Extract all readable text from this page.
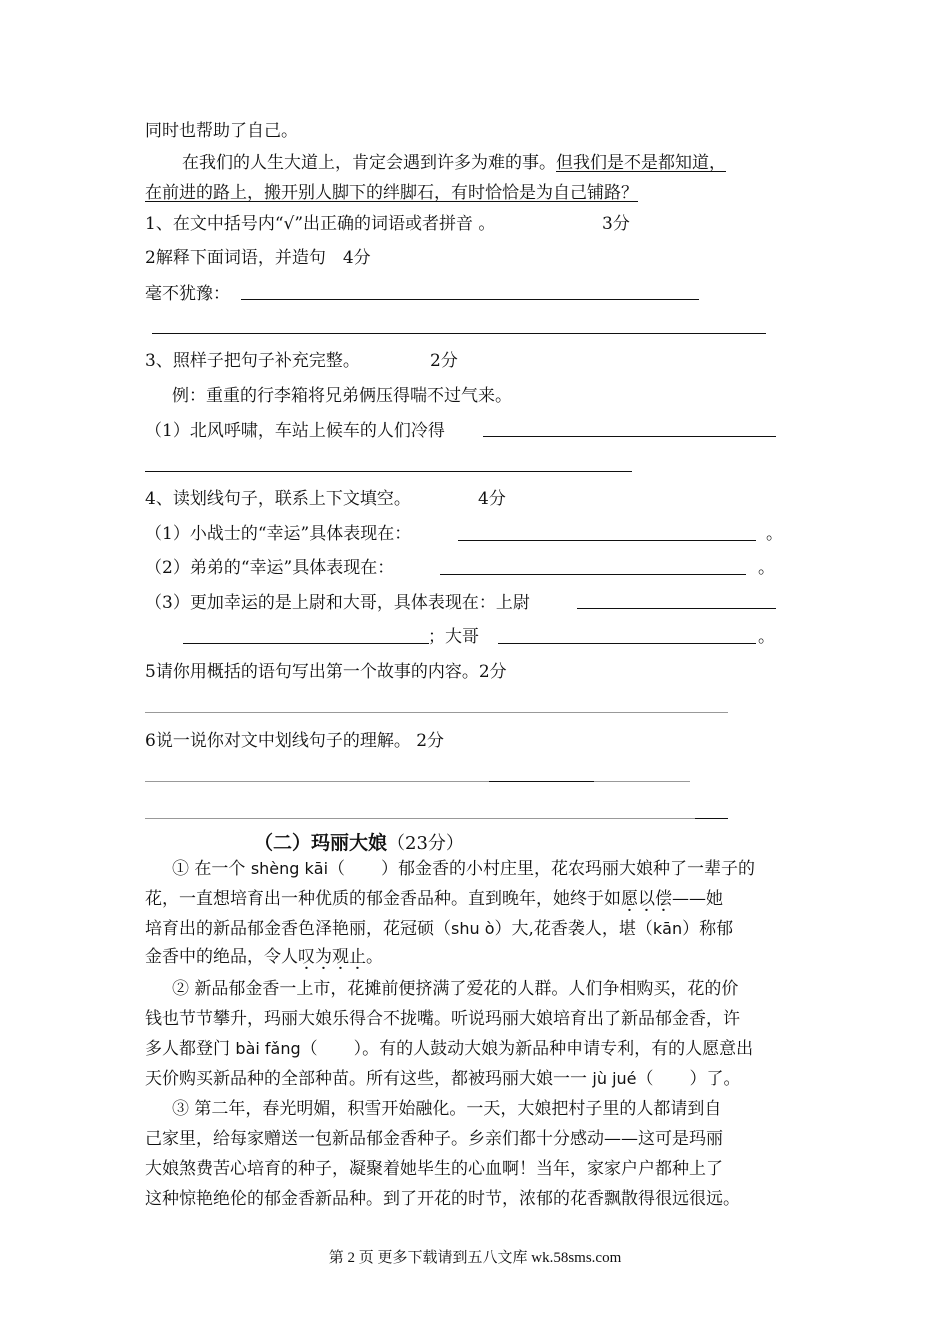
同时也帮助了自己。
在我们的人生大道上，肯定会遇到许多为难的事。但我们是不是都知道，
在前进的路上，搬开别人脚下的绊脚石，有时恰恰是为自己铺路？
1、在文中括号内“√”出正确的词语或者拼音 。	3分
2解释下面词语，并造句　4分
毫不犹豫：
3、照样子把句子补充完整。	2分
例：重重的行李箱将兄弟俩压得喘不过气来。
（1）北风呼啸，车站上候车的人们冷得
4、读划线句子，联系上下文填空。	4分
（1）小战士的“幸运”具体表现在：	。
（2）弟弟的“幸运”具体表现在：	。
（3）更加幸运的是上尉和大哥，具体表现在：上尉
；大哥	。
5请你用概括的语句写出第一个故事的内容。2分
6说一说你对文中划线句子的理解。 2分
（二）玛丽大娘（23分）
① 在一个 shèng kāi（ ）郁金香的小村庄里，花农玛丽大娘种了一辈子的
花，一直想培育出一种优质的郁金香品种。直到晚年，她终于如愿以偿——她
培育出的新品郁金香色泽艳丽，花冠硕（shu ò）大,花香袭人，堪（kān）称郁
金香中的绝品，令人叹为观止。
② 新品郁金香一上市，花摊前便挤满了爱花的人群。人们争相购买，花的价
钱也节节攀升，玛丽大娘乐得合不拢嘴。听说玛丽大娘培育出了新品郁金香，许
多人都登门 bài fǎng（ ）。有的人鼓动大娘为新品种申请专利，有的人愿意出
天价购买新品种的全部种苗。所有这些，都被玛丽大娘一一 jù jué（ ）了。
③ 第二年，春光明媚，积雪开始融化。一天，大娘把村子里的人都请到自
己家里，给每家赠送一包新品郁金香种子。乡亲们都十分感动——这可是玛丽
大娘煞费苦心培育的种子，凝聚着她毕生的心血啊！当年，家家户户都种上了
这种惊艳绝伦的郁金香新品种。到了开花的时节，浓郁的花香飘散得很远很远。
第 2 页 更多下载请到五八文库 wk.58sms.com
